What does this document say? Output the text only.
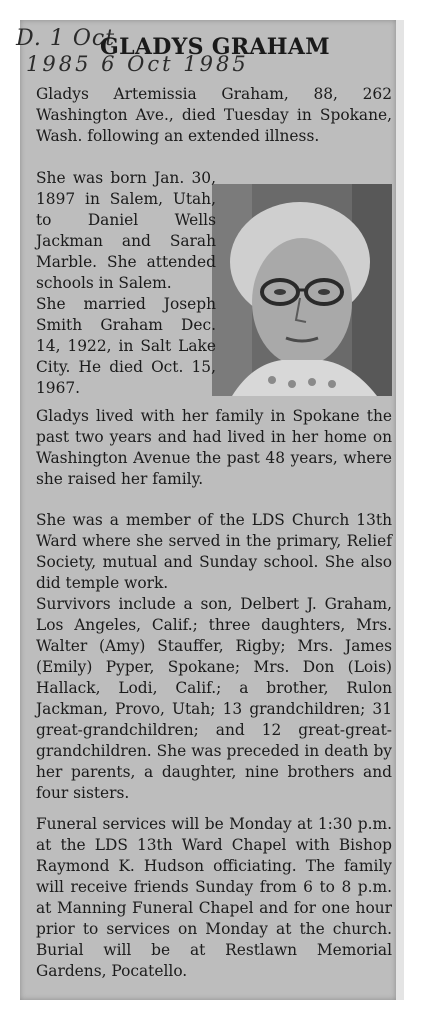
D. 1 Oct
1985 6 Oct 1985
GLADYS GRAHAM

Gladys Artemissia Graham, 88, 262 Washington Ave., died Tuesday in Spokane, Wash. following an extended illness.

She was born Jan. 30, 1897 in Salem, Utah, to Daniel Wells Jackman and Sarah Marble. She attended schools in Salem.

She married Joseph Smith Graham Dec. 14, 1922, in Salt Lake City. He died Oct. 15, 1967.

Gladys lived with her family in Spokane the past two years and had lived in her home on Washington Avenue the past 48 years, where she raised her family.

She was a member of the LDS Church 13th Ward where she served in the primary, Relief Society, mutual and Sunday school. She also did temple work.

Survivors include a son, Delbert J. Graham, Los Angeles, Calif.; three daughters, Mrs. Walter (Amy) Stauffer, Rigby; Mrs. James (Emily) Pyper, Spokane; Mrs. Don (Lois) Hallack, Lodi, Calif.; a brother, Rulon Jackman, Provo, Utah; 13 grandchildren; 31 great-grandchildren; and 12 great-great-grandchildren. She was preceded in death by her parents, a daughter, nine brothers and four sisters.

Funeral services will be Monday at 1:30 p.m. at the LDS 13th Ward Chapel with Bishop Raymond K. Hudson officiating. The family will receive friends Sunday from 6 to 8 p.m. at Manning Funeral Chapel and for one hour prior to services on Monday at the church. Burial will be at Restlawn Memorial Gardens, Pocatello.
